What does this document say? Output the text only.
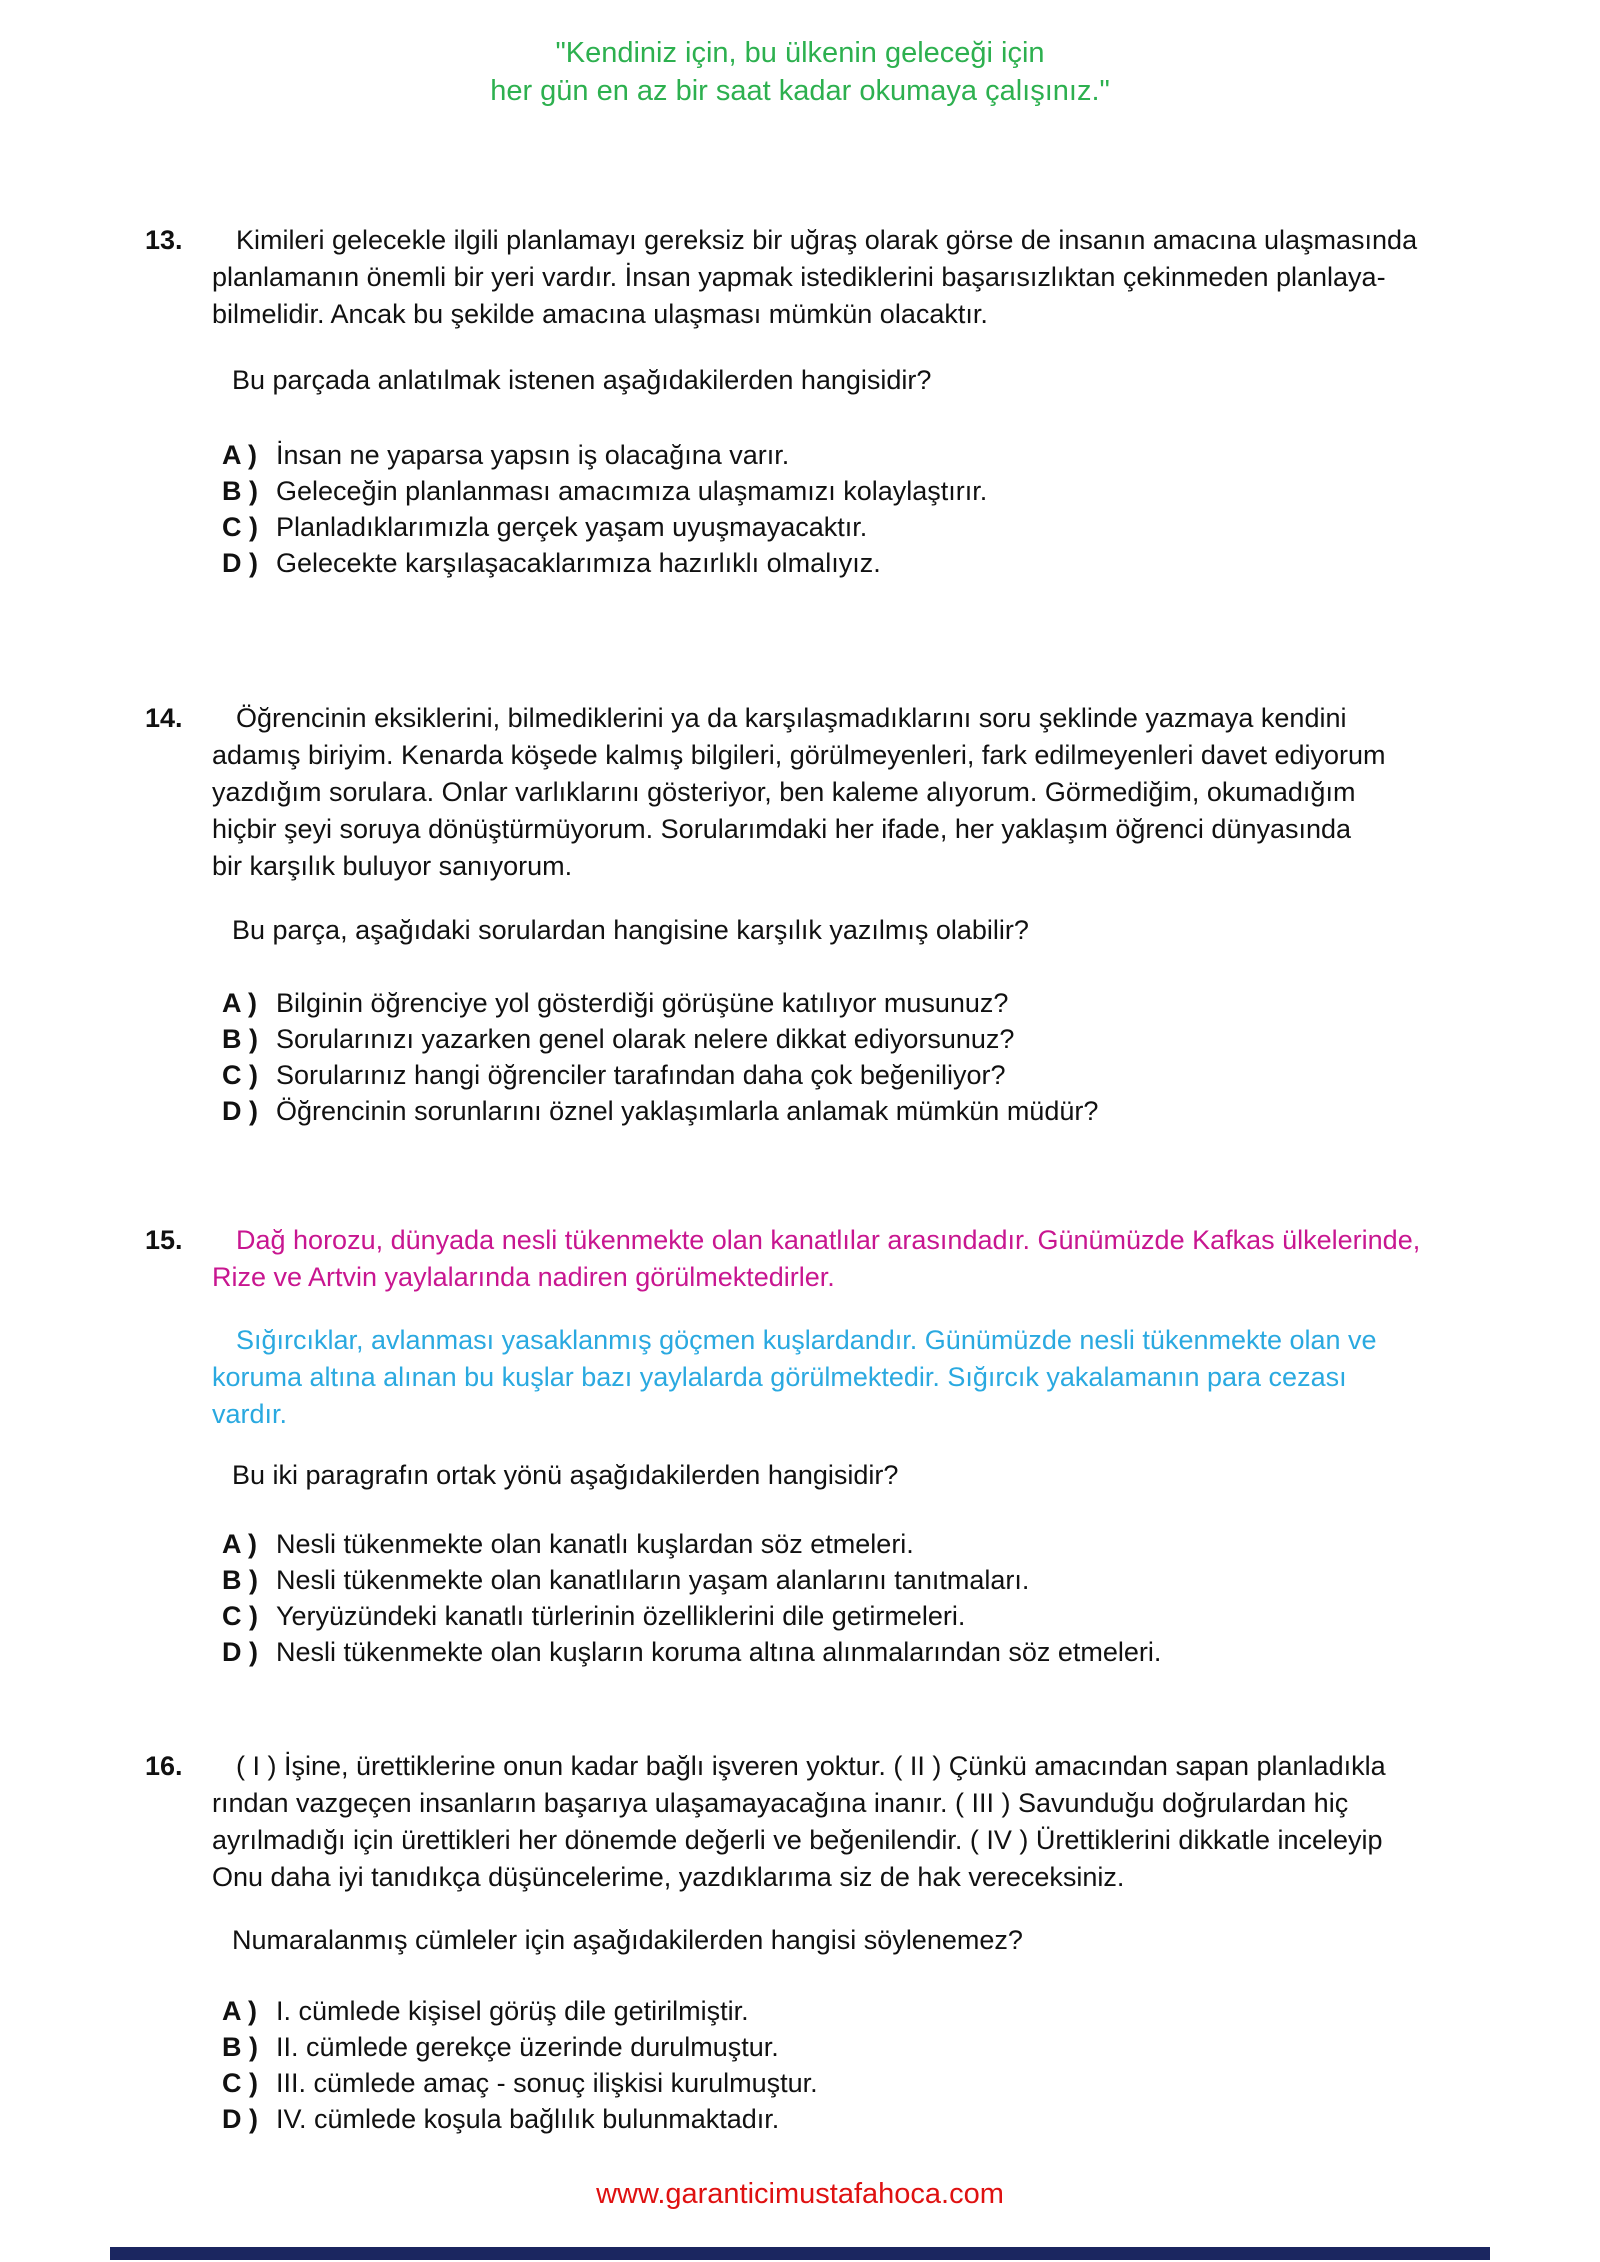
"Kendiniz için, bu ülkenin geleceği için
her gün en az bir saat kadar okumaya çalışınız."
13. Kimileri gelecekle ilgili planlamayı gereksiz bir uğraş olarak görse de insanın amacına ulaşmasında
planlamanın önemli bir yeri vardır. İnsan yapmak istediklerini başarısızlıktan çekinmeden planlaya-
bilmelidir. Ancak bu şekilde amacına ulaşması mümkün olacaktır.
Bu parçada anlatılmak istenen aşağıdakilerden hangisidir?
A ) İnsan ne yaparsa yapsın iş olacağına varır.
B ) Geleceğin planlanması amacımıza ulaşmamızı kolaylaştırır.
C ) Planladıklarımızla gerçek yaşam uyuşmayacaktır.
D ) Gelecekte karşılaşacaklarımıza hazırlıklı olmalıyız.
14. Öğrencinin eksiklerini, bilmediklerini ya da karşılaşmadıklarını soru şeklinde yazmaya kendini
adamış biriyim. Kenarda köşede kalmış bilgileri, görülmeyenleri, fark edilmeyenleri davet ediyorum
yazdığım sorulara. Onlar varlıklarını gösteriyor, ben kaleme alıyorum. Görmediğim, okumadığım
hiçbir şeyi soruya dönüştürmüyorum. Sorularımdaki her ifade, her yaklaşım öğrenci dünyasında
bir karşılık buluyor sanıyorum.
Bu parça, aşağıdaki sorulardan hangisine karşılık yazılmış olabilir?
A ) Bilginin öğrenciye yol gösterdiği görüşüne katılıyor musunuz?
B ) Sorularınızı yazarken genel olarak nelere dikkat ediyorsunuz?
C ) Sorularınız hangi öğrenciler tarafından daha çok beğeniliyor?
D ) Öğrencinin sorunlarını öznel yaklaşımlarla anlamak mümkün müdür?
15. Dağ horozu, dünyada nesli tükenmekte olan kanatlılar arasındadır. Günümüzde Kafkas ülkelerinde,
Rize ve Artvin yaylalarında nadiren görülmektedirler.
Sığırcıklar, avlanması yasaklanmış göçmen kuşlardandır. Günümüzde nesli tükenmekte olan ve
koruma altına alınan bu kuşlar bazı yaylalarda görülmektedir. Sığırcık yakalamanın para cezası
vardır.
Bu iki paragrafın ortak yönü aşağıdakilerden hangisidir?
A ) Nesli tükenmekte olan kanatlı kuşlardan söz etmeleri.
B ) Nesli tükenmekte olan kanatlıların yaşam alanlarını tanıtmaları.
C ) Yeryüzündeki kanatlı türlerinin özelliklerini dile getirmeleri.
D ) Nesli tükenmekte olan kuşların koruma altına alınmalarından söz etmeleri.
16. ( I ) İşine, ürettiklerine onun kadar bağlı işveren yoktur. ( II ) Çünkü amacından sapan planladıkla
rından vazgeçen insanların başarıya ulaşamayacağına inanır. ( III ) Savunduğu doğrulardan hiç
ayrılmadığı için ürettikleri her dönemde değerli ve beğenilendir. ( IV ) Ürettiklerini dikkatle inceleyip
Onu daha iyi tanıdıkça düşüncelerime, yazdıklarıma siz de hak vereceksiniz.
Numaralanmış cümleler için aşağıdakilerden hangisi söylenemez?
A ) I. cümlede kişisel görüş dile getirilmiştir.
B ) II. cümlede gerekçe üzerinde durulmuştur.
C ) III. cümlede amaç - sonuç ilişkisi kurulmuştur.
D ) IV. cümlede koşula bağlılık bulunmaktadır.
www.garanticimustafahoca.com
